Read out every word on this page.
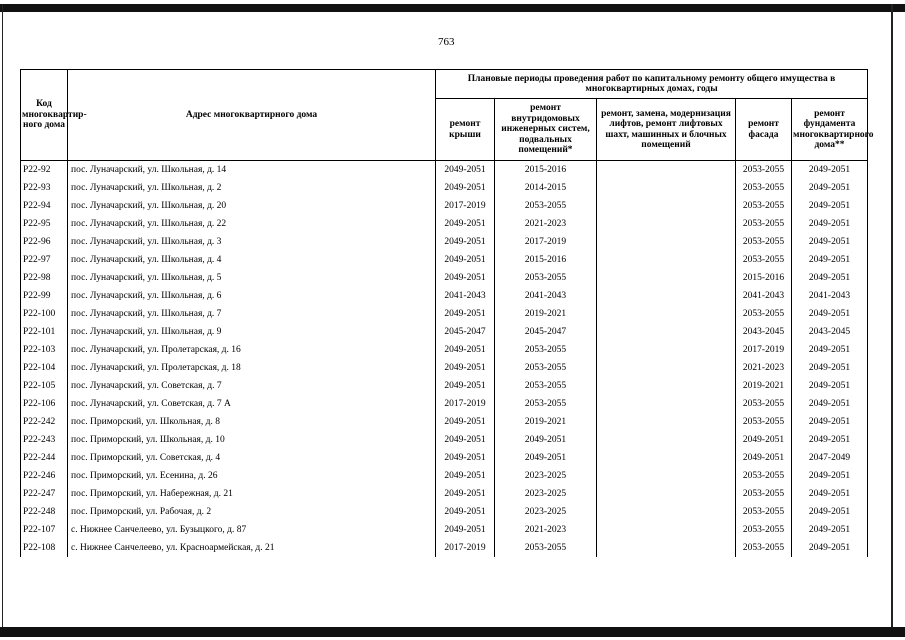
763
Код многоквартир-ного дома	Адрес многоквартирного дома	Плановые периоды проведения работ по капитальному ремонту общего имущества в многоквартирных домах, годы				
		ремонт крыши	ремонт внутридомовых инженерных систем, подвальных помещений*	ремонт, замена, модернизация лифтов, ремонт лифтовых шахт, машинных и блочных помещений	ремонт фасада	ремонт фундамента многоквартирного дома**
P22-92	пос. Луначарский, ул. Школьная, д. 14	2049-2051	2015-2016		2053-2055	2049-2051
P22-93	пос. Луначарский, ул. Школьная, д. 2	2049-2051	2014-2015		2053-2055	2049-2051
P22-94	пос. Луначарский, ул. Школьная, д. 20	2017-2019	2053-2055		2053-2055	2049-2051
P22-95	пос. Луначарский, ул. Школьная, д. 22	2049-2051	2021-2023		2053-2055	2049-2051
P22-96	пос. Луначарский, ул. Школьная, д. 3	2049-2051	2017-2019		2053-2055	2049-2051
P22-97	пос. Луначарский, ул. Школьная, д. 4	2049-2051	2015-2016		2053-2055	2049-2051
P22-98	пос. Луначарский, ул. Школьная, д. 5	2049-2051	2053-2055		2015-2016	2049-2051
P22-99	пос. Луначарский, ул. Школьная, д. 6	2041-2043	2041-2043		2041-2043	2041-2043
P22-100	пос. Луначарский, ул. Школьная, д. 7	2049-2051	2019-2021		2053-2055	2049-2051
P22-101	пос. Луначарский, ул. Школьная, д. 9	2045-2047	2045-2047		2043-2045	2043-2045
P22-103	пос. Луначарский, ул. Пролетарская, д. 16	2049-2051	2053-2055		2017-2019	2049-2051
P22-104	пос. Луначарский, ул. Пролетарская, д. 18	2049-2051	2053-2055		2021-2023	2049-2051
P22-105	пос. Луначарский, ул. Советская, д. 7	2049-2051	2053-2055		2019-2021	2049-2051
P22-106	пос. Луначарский, ул. Советская, д. 7 А	2017-2019	2053-2055		2053-2055	2049-2051
P22-242	пос. Приморский, ул. Школьная, д. 8	2049-2051	2019-2021		2053-2055	2049-2051
P22-243	пос. Приморский, ул. Школьная, д. 10	2049-2051	2049-2051		2049-2051	2049-2051
P22-244	пос. Приморский, ул. Советская, д. 4	2049-2051	2049-2051		2049-2051	2047-2049
P22-246	пос. Приморский, ул. Есенина, д. 26	2049-2051	2023-2025		2053-2055	2049-2051
P22-247	пос. Приморский, ул. Набережная, д. 21	2049-2051	2023-2025		2053-2055	2049-2051
P22-248	пос. Приморский, ул. Рабочая, д. 2	2049-2051	2023-2025		2053-2055	2049-2051
P22-107	с. Нижнее Санчелеево, ул. Бузыцкого, д. 87	2049-2051	2021-2023		2053-2055	2049-2051
P22-108	с. Нижнее Санчелеево, ул. Красноармейская, д. 21	2017-2019	2053-2055		2053-2055	2049-2051
